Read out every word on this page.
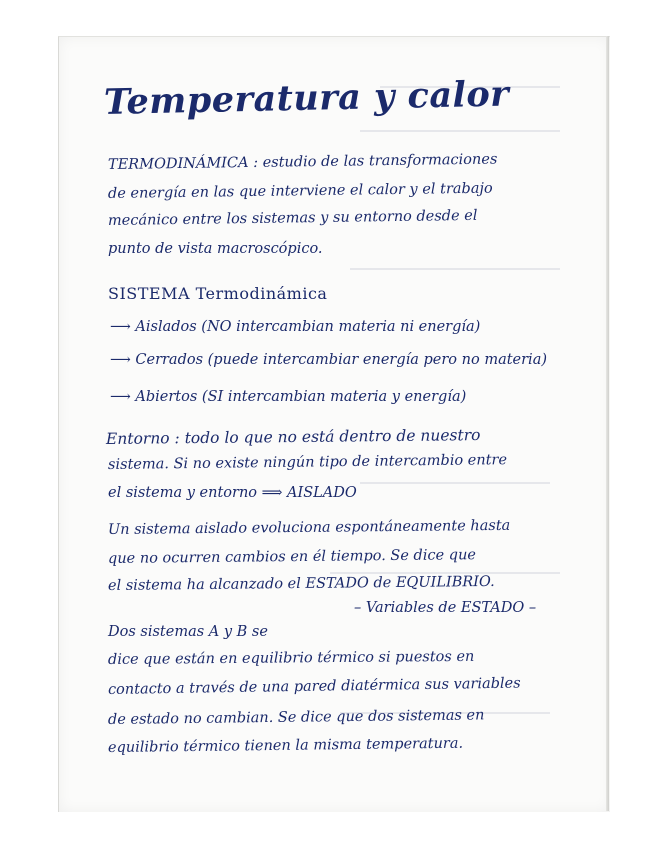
Temperatura y calor

TERMODINÁMICA : estudio de las transformaciones

de energía en las que interviene el calor y el trabajo

mecánico entre los sistemas y su entorno desde el

punto de vista macroscópico.

SISTEMA Termodinámica

⟶ Aislados (NO intercambian materia ni energía)

⟶ Cerrados (puede intercambiar energía pero no materia)

⟶ Abiertos (SI intercambian materia y energía)

Entorno : todo lo que no está dentro de nuestro

sistema. Si no existe ningún tipo de intercambio entre

el sistema y entorno ⟹ AISLADO

Un sistema aislado evoluciona espontáneamente hasta

que no ocurren cambios en él tiempo. Se dice que

el sistema ha alcanzado el ESTADO de EQUILIBRIO.

– Variables de ESTADO –

Dos sistemas A y B se

dice que están en equilibrio térmico si puestos en

contacto a través de una pared diatérmica sus variables

de estado no cambian. Se dice que dos sistemas en

equilibrio térmico tienen la misma temperatura.
